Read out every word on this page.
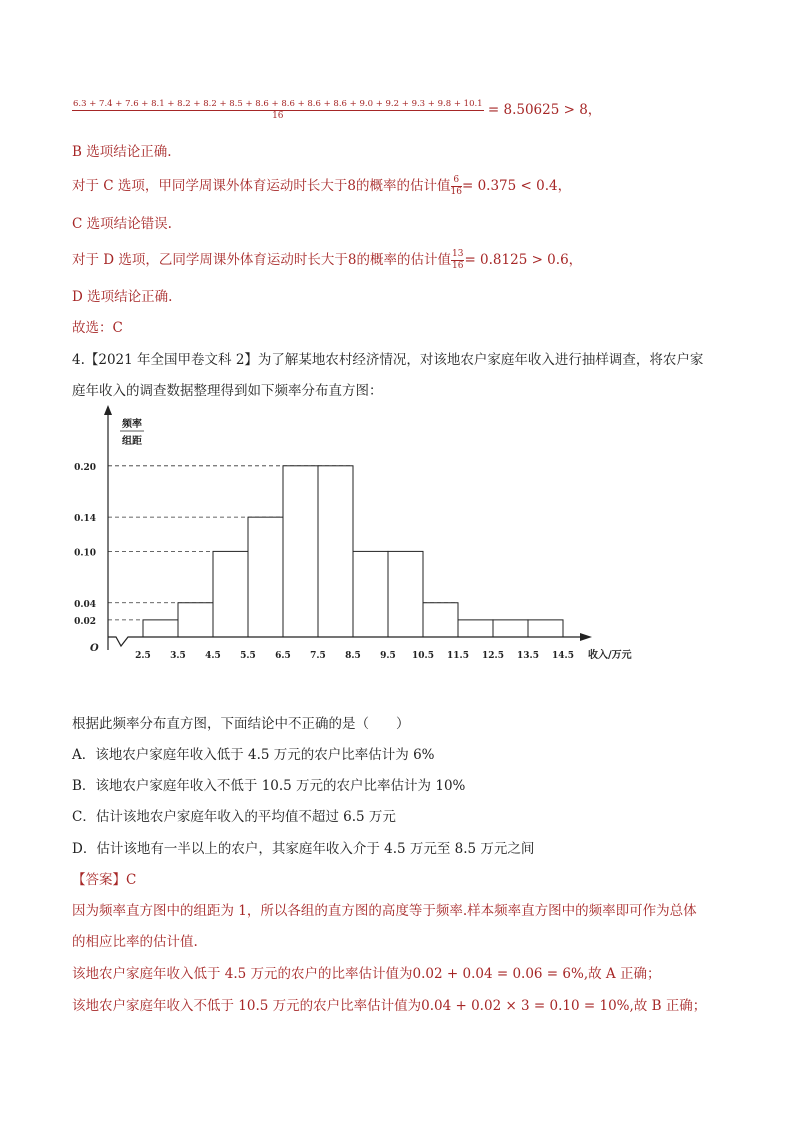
6.3 + 7.4 + 7.6 + 8.1 + 8.2 + 8.2 + 8.5 + 8.6 + 8.6 + 8.6 + 8.6 + 9.0 + 9.2 + 9.3 + 9.8 + 10.1
16	= 8.50625 > 8，
B 选项结论正确.
对于 C 选项，甲同学周课外体育运动时长大于8的概率的估计值 $\frac{6}{16} = 0.375 < 0.4$，
C 选项结论错误.
对于 D 选项，乙同学周课外体育运动时长大于8的概率的估计值 $\frac{13}{16} = 0.8125 > 0.6$，
D 选项结论正确.
故选：C
4.【2021 年全国甲卷文科 2】为了解某地农村经济情况，对该地农户家庭年收入进行抽样调查，将农户家
庭年收入的调查数据整理得到如下频率分布直方图：
0.02
0.04
0.10
0.14
0.20
O
2.5 3.5 4.5 5.5 6.5 7.5 8.5 9.5 10.5 11.5 12.5 13.5 14.5 收入/万元
频率
组距
根据此频率分布直方图，下面结论中不正确的是（　　）
A．该地农户家庭年收入低于 4.5 万元的农户比率估计为 6%
B．该地农户家庭年收入不低于 10.5 万元的农户比率估计为 10%
C．估计该地农户家庭年收入的平均值不超过 6.5 万元
D．估计该地有一半以上的农户，其家庭年收入介于 4.5 万元至 8.5 万元之间
【答案】C
因为频率直方图中的组距为 1，所以各组的直方图的高度等于频率.样本频率直方图中的频率即可作为总体
的相应比率的估计值.
该地农户家庭年收入低于 4.5 万元的农户的比率估计值为0.02 + 0.04 = 0.06 = 6%,故 A 正确；
该地农户家庭年收入不低于 10.5 万元的农户比率估计值为0.04 + 0.02 × 3 = 0.10 = 10%,故 B 正确；
